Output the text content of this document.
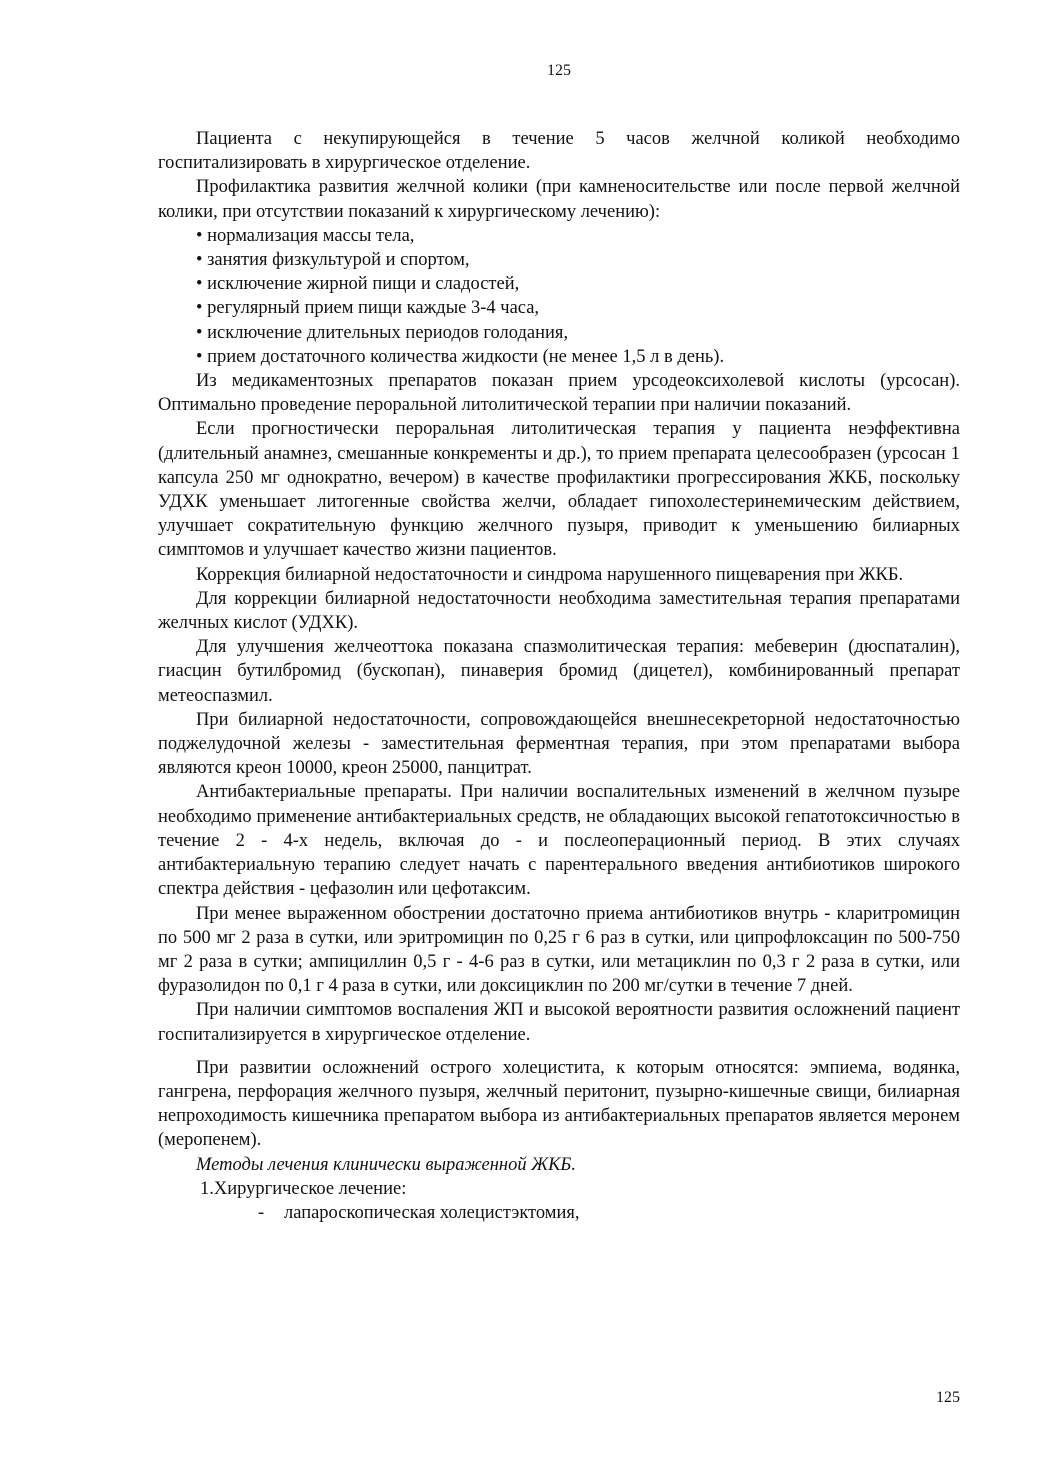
125

Пациента с некупирующейся в течение 5 часов желчной коликой необходимо госпитализировать в хирургическое отделение.

Профилактика развития желчной колики (при камненосительстве или после первой желчной колики, при отсутствии показаний к хирургическому лечению):

• нормализация массы тела,
• занятия физкультурой и спортом,
• исключение жирной пищи и сладостей,
• регулярный прием пищи каждые 3-4 часа,
• исключение длительных периодов голодания,
• прием достаточного количества жидкости (не менее 1,5 л в день).

Из медикаментозных препаратов показан прием урсодеоксихолевой кислоты (урсосан). Оптимально проведение пероральной литолитической терапии при наличии показаний.

Если прогностически пероральная литолитическая терапия у пациента неэффективна (длительный анамнез, смешанные конкременты и др.), то прием препарата целесообразен (урсосан 1 капсула 250 мг однократно, вечером) в качестве профилактики прогрессирования ЖКБ, поскольку УДХК уменьшает литогенные свойства желчи, обладает гипохолестеринемическим действием, улучшает сократительную функцию желчного пузыря, приводит к уменьшению билиарных симптомов и улучшает качество жизни пациентов.

Коррекция билиарной недостаточности и синдрома нарушенного пищеварения при ЖКБ.

Для коррекции билиарной недостаточности необходима заместительная терапия препаратами желчных кислот (УДХК).

Для улучшения желчеоттока показана спазмолитическая терапия: мебеверин (дюспаталин), гиасцин бутилбромид (бускопан), пинаверия бромид (дицетел), комбинированный препарат метеоспазмил.

При билиарной недостаточности, сопровождающейся внешнесекреторной недостаточностью поджелудочной железы - заместительная ферментная терапия, при этом препаратами выбора являются креон 10000, креон 25000, панцитрат.

Антибактериальные препараты. При наличии воспалительных изменений в желчном пузыре необходимо применение антибактериальных средств, не обладающих высокой гепатотоксичностью в течение 2 - 4-х недель, включая до - и послеоперационный период. В этих случаях антибактериальную терапию следует начать с парентерального введения антибиотиков широкого спектра действия - цефазолин или цефотаксим.

При менее выраженном обострении достаточно приема антибиотиков внутрь - кларитромицин по 500 мг 2 раза в сутки, или эритромицин по 0,25 г 6 раз в сутки, или ципрофлоксацин по 500-750 мг 2 раза в сутки; ампициллин 0,5 г - 4-6 раз в сутки, или метациклин по 0,3 г 2 раза в сутки, или фуразолидон по 0,1 г 4 раза в сутки, или доксициклин по 200 мг/сутки в течение 7 дней.

При наличии симптомов воспаления ЖП и высокой вероятности развития осложнений пациент госпитализируется в хирургическое отделение.

При развитии осложнений острого холецистита, к которым относятся: эмпиема, водянка, гангрена, перфорация желчного пузыря, желчный перитонит, пузырно-кишечные свищи, билиарная непроходимость кишечника препаратом выбора из антибактериальных препаратов является меронем (меропенем).

Методы лечения клинически выраженной ЖКБ.
1.Хирургическое лечение:
- лапароскопическая холецистэктомия,
125
